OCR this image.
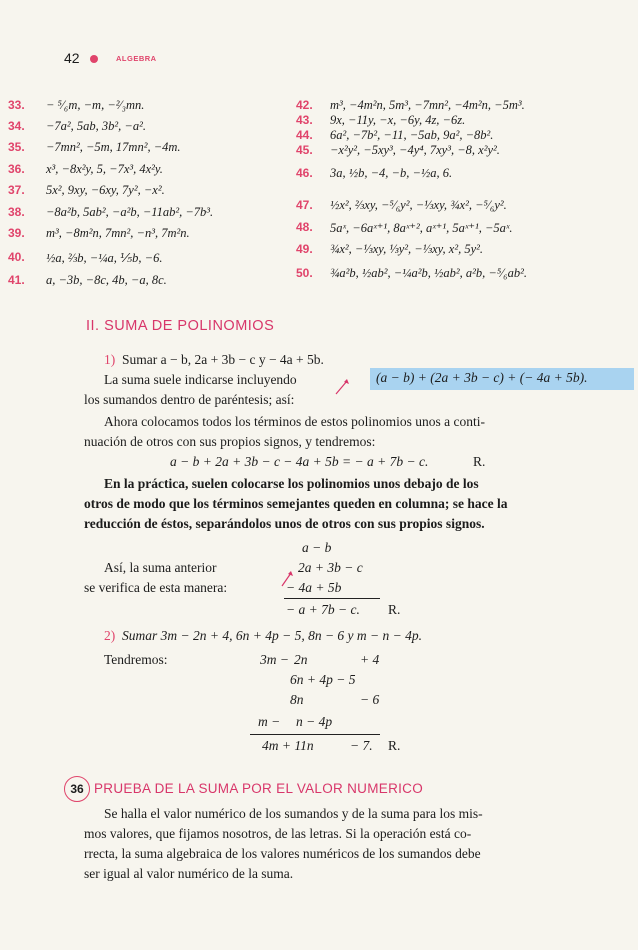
42	ALGEBRA
33. − ⁵⁄₆m, −m, −²⁄₃mn.
34. −7a², 5ab, 3b², −a².
35. −7mn², −5m, 17mn², −4m.
36. x³, −8x²y, 5, −7x³, 4x²y.
37. 5x², 9xy, −6xy, 7y², −x².
38. −8a²b, 5ab², −a²b, −11ab², −7b³.
39. m³, −8m²n, 7mn², −n³, 7m²n.
40. ½a, ⅔b, −¼a, ⅕b, −6.
41. a, −3b, −8c, 4b, −a, 8c.
42. m³, −4m²n, 5m³, −7mn², −4m²n, −5m³.
43. 9x, −11y, −x, −6y, 4z, −6z.
44. 6a², −7b², −11, −5ab, 9a², −8b².
45. −x²y², −5xy³, −4y⁴, 7xy³, −8, x²y².
46. 3a, ½b, −4, −b, −½a, 6.
47. ½x², ⅔xy, −⁵⁄₆y², −⅓xy, ¾x², −⁵⁄₆y².
48. 5aˣ, −6aˣ⁺¹, 8aˣ⁺², aˣ⁺¹, 5aˣ⁺¹, −5aˣ.
49. ¾x², −⅓xy, ⅓y², −⅓xy, x², 5y².
50. ¾a²b, ½ab², −¼a²b, ½ab², a²b, −⁵⁄₆ab².
II. SUMA DE POLINOMIOS
1) Sumar a − b, 2a + 3b − c y − 4a + 5b.
La suma suele indicarse incluyendo	(a − b) + (2a + 3b − c) + (− 4a + 5b).
los sumandos dentro de paréntesis; así:
Ahora colocamos todos los términos de estos polinomios unos a conti-
nuación de otros con sus propios signos, y tendremos:
a − b + 2a + 3b − c − 4a + 5b = − a + 7b − c.	R.
En la práctica, suelen colocarse los polinomios unos debajo de los
otros de modo que los términos semejantes queden en columna; se hace la
reducción de éstos, separándolos unos de otros con sus propios signos.
a − b
Así, la suma anterior	2a + 3b − c
se verifica de esta manera:	− 4a + 5b
− a + 7b − c. R.
2) Sumar 3m − 2n + 4, 6n + 4p − 5, 8n − 6 y m − n − 4p.
Tendremos:	3m − 2n	+ 4
6n + 4p − 5
8n	− 6
m − n − 4p
4m + 11n	− 7. R.
36 PRUEBA DE LA SUMA POR EL VALOR NUMERICO
Se halla el valor numérico de los sumandos y de la suma para los mis-
mos valores, que fijamos nosotros, de las letras. Si la operación está co-
rrecta, la suma algebraica de los valores numéricos de los sumandos debe
ser igual al valor numérico de la suma.
